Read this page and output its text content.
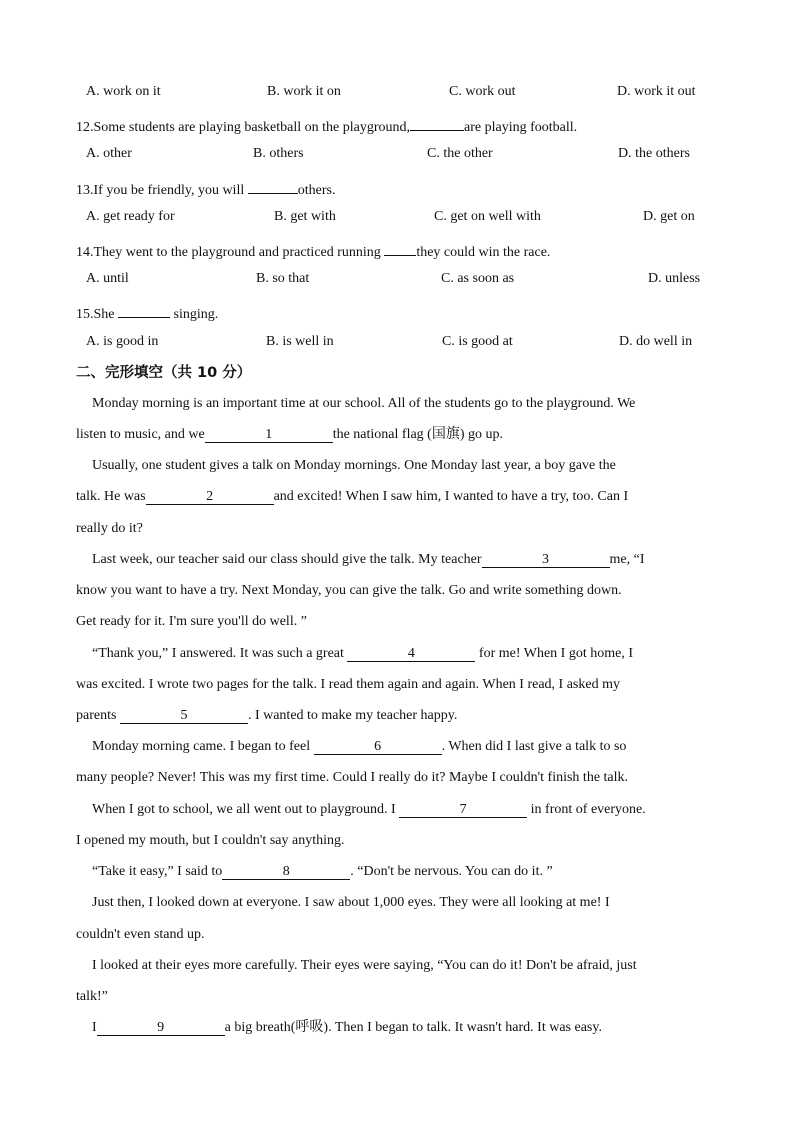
A. work on it	B. work it on	C. work out	D. work it out
12.Some students are playing basketball on the playground,	are playing football.
A. other	B. others	C. the other	D. the others
13.If you be friendly, you will	others.
A. get ready for	B. get with	C. get on well with	D. get on
14.They went to the playground and practiced running they could win the race.
A. until	B. so that	C. as soon as	D. unless
15.She	singing.
A. is good in	B. is well in	C. is good at	D. do well in
二、完形填空（共 10 分）
Monday morning is an important time at our school. All of the students go to the playground. We
listen to music, and we	1	the national flag (国旗) go up.
Usually, one student gives a talk on Monday mornings. One Monday last year, a boy gave the
talk. He was	2	and excited! When I saw him, I wanted to have a try, too. Can I
really do it?
Last week, our teacher said our class should give the talk. My teacher	3	me, “I
know you want to have a try. Next Monday, you can give the talk. Go and write something down.
Get ready for it. I'm sure you'll do well. ”
“Thank you,” I answered. It was such a great	4	for me! When I got home, I
was excited. I wrote two pages for the talk. I read them again and again. When I read, I asked my
parents	5	. I wanted to make my teacher happy.
Monday morning came. I began to feel	6	. When did I last give a talk to so
many people? Never! This was my first time. Could I really do it? Maybe I couldn't finish the talk.
When I got to school, we all went out to playground. I	7	in front of everyone.
I opened my mouth, but I couldn't say anything.
“Take it easy,” I said to	8	. “Don't be nervous. You can do it. ”
Just then, I looked down at everyone. I saw about 1,000 eyes. They were all looking at me! I
couldn't even stand up.
I looked at their eyes more carefully. Their eyes were saying, “You can do it! Don't be afraid, just
talk!”
I	9	a big breath(呼吸). Then I began to talk. It wasn't hard. It was easy.
